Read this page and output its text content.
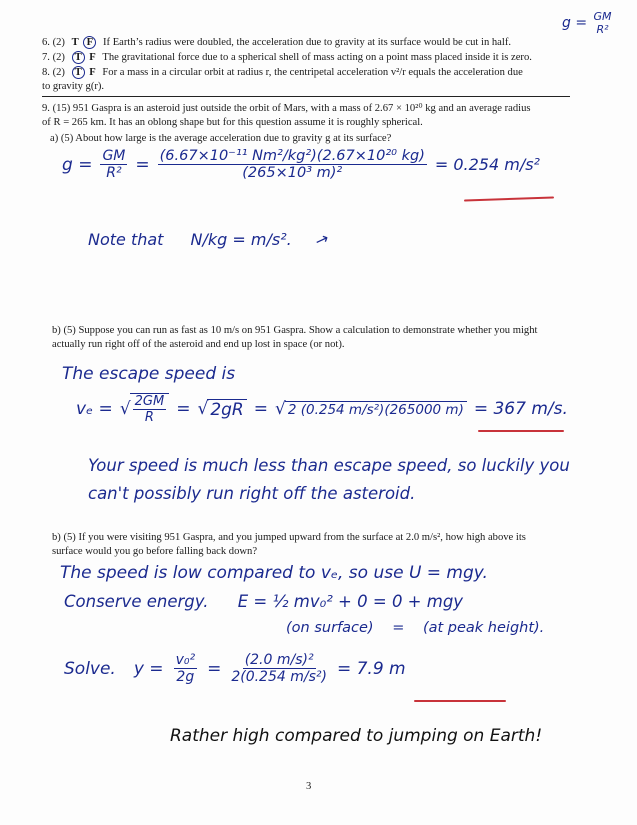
6. (2) T F If Earth’s radius were doubled, the acceleration due to gravity at its surface would be cut in half.
g = GM
R²
7. (2) T F The gravitational force due to a spherical shell of mass acting on a point mass placed inside it is zero.
8. (2) T F For a mass in a circular orbit at radius r, the centripetal acceleration v²/r equals the acceleration due
to gravity g(r).
9. (15) 951 Gaspra is an asteroid just outside the orbit of Mars, with a mass of 2.67 × 10²⁰ kg and an average radius
of R = 265 km. It has an oblong shape but for this question assume it is roughly spherical.
a) (5) About how large is the average acceleration due to gravity g at its surface?
$g = \frac{GM}{\text{R²}} = \frac{\text{(6.67×10⁻¹¹ Nm²/kg²)(2.67×10²⁰ kg)}}{\text{(265×10³ m)²}} = 0.254$ m/s²
Note that N/kg = m/s². →
b) (5) Suppose you can run as fast as 10 m/s on 951 Gaspra. Show a calculation to demonstrate whether you might
actually run right off of the asteroid and end up lost in space (or not).
The escape speed is
vₑ = √ $\frac{2GM}{R}$ = √ 2gR = √ 2 (0.254 m/s²)(265000 m) = 367 m/s.
Your speed is much less than escape speed, so luckily you
can't possibly run right off the asteroid.
b) (5) If you were visiting 951 Gaspra, and you jumped upward from the surface at 2.0 m/s², how high above its
surface would you go before falling back down?
The speed is low compared to vₑ, so use U = mgy.
Conserve energy. E = ½ mv₀² + 0 = 0 + mgy
(on surface) = (at peak height).
Solve. $y = \frac{\text{v₀²}}{2g} = \frac{\text{(2.0 m/s)²}}{\text{2(0.254 m/s²)}} = 7.9$ m
Rather high compared to jumping on Earth!
3
